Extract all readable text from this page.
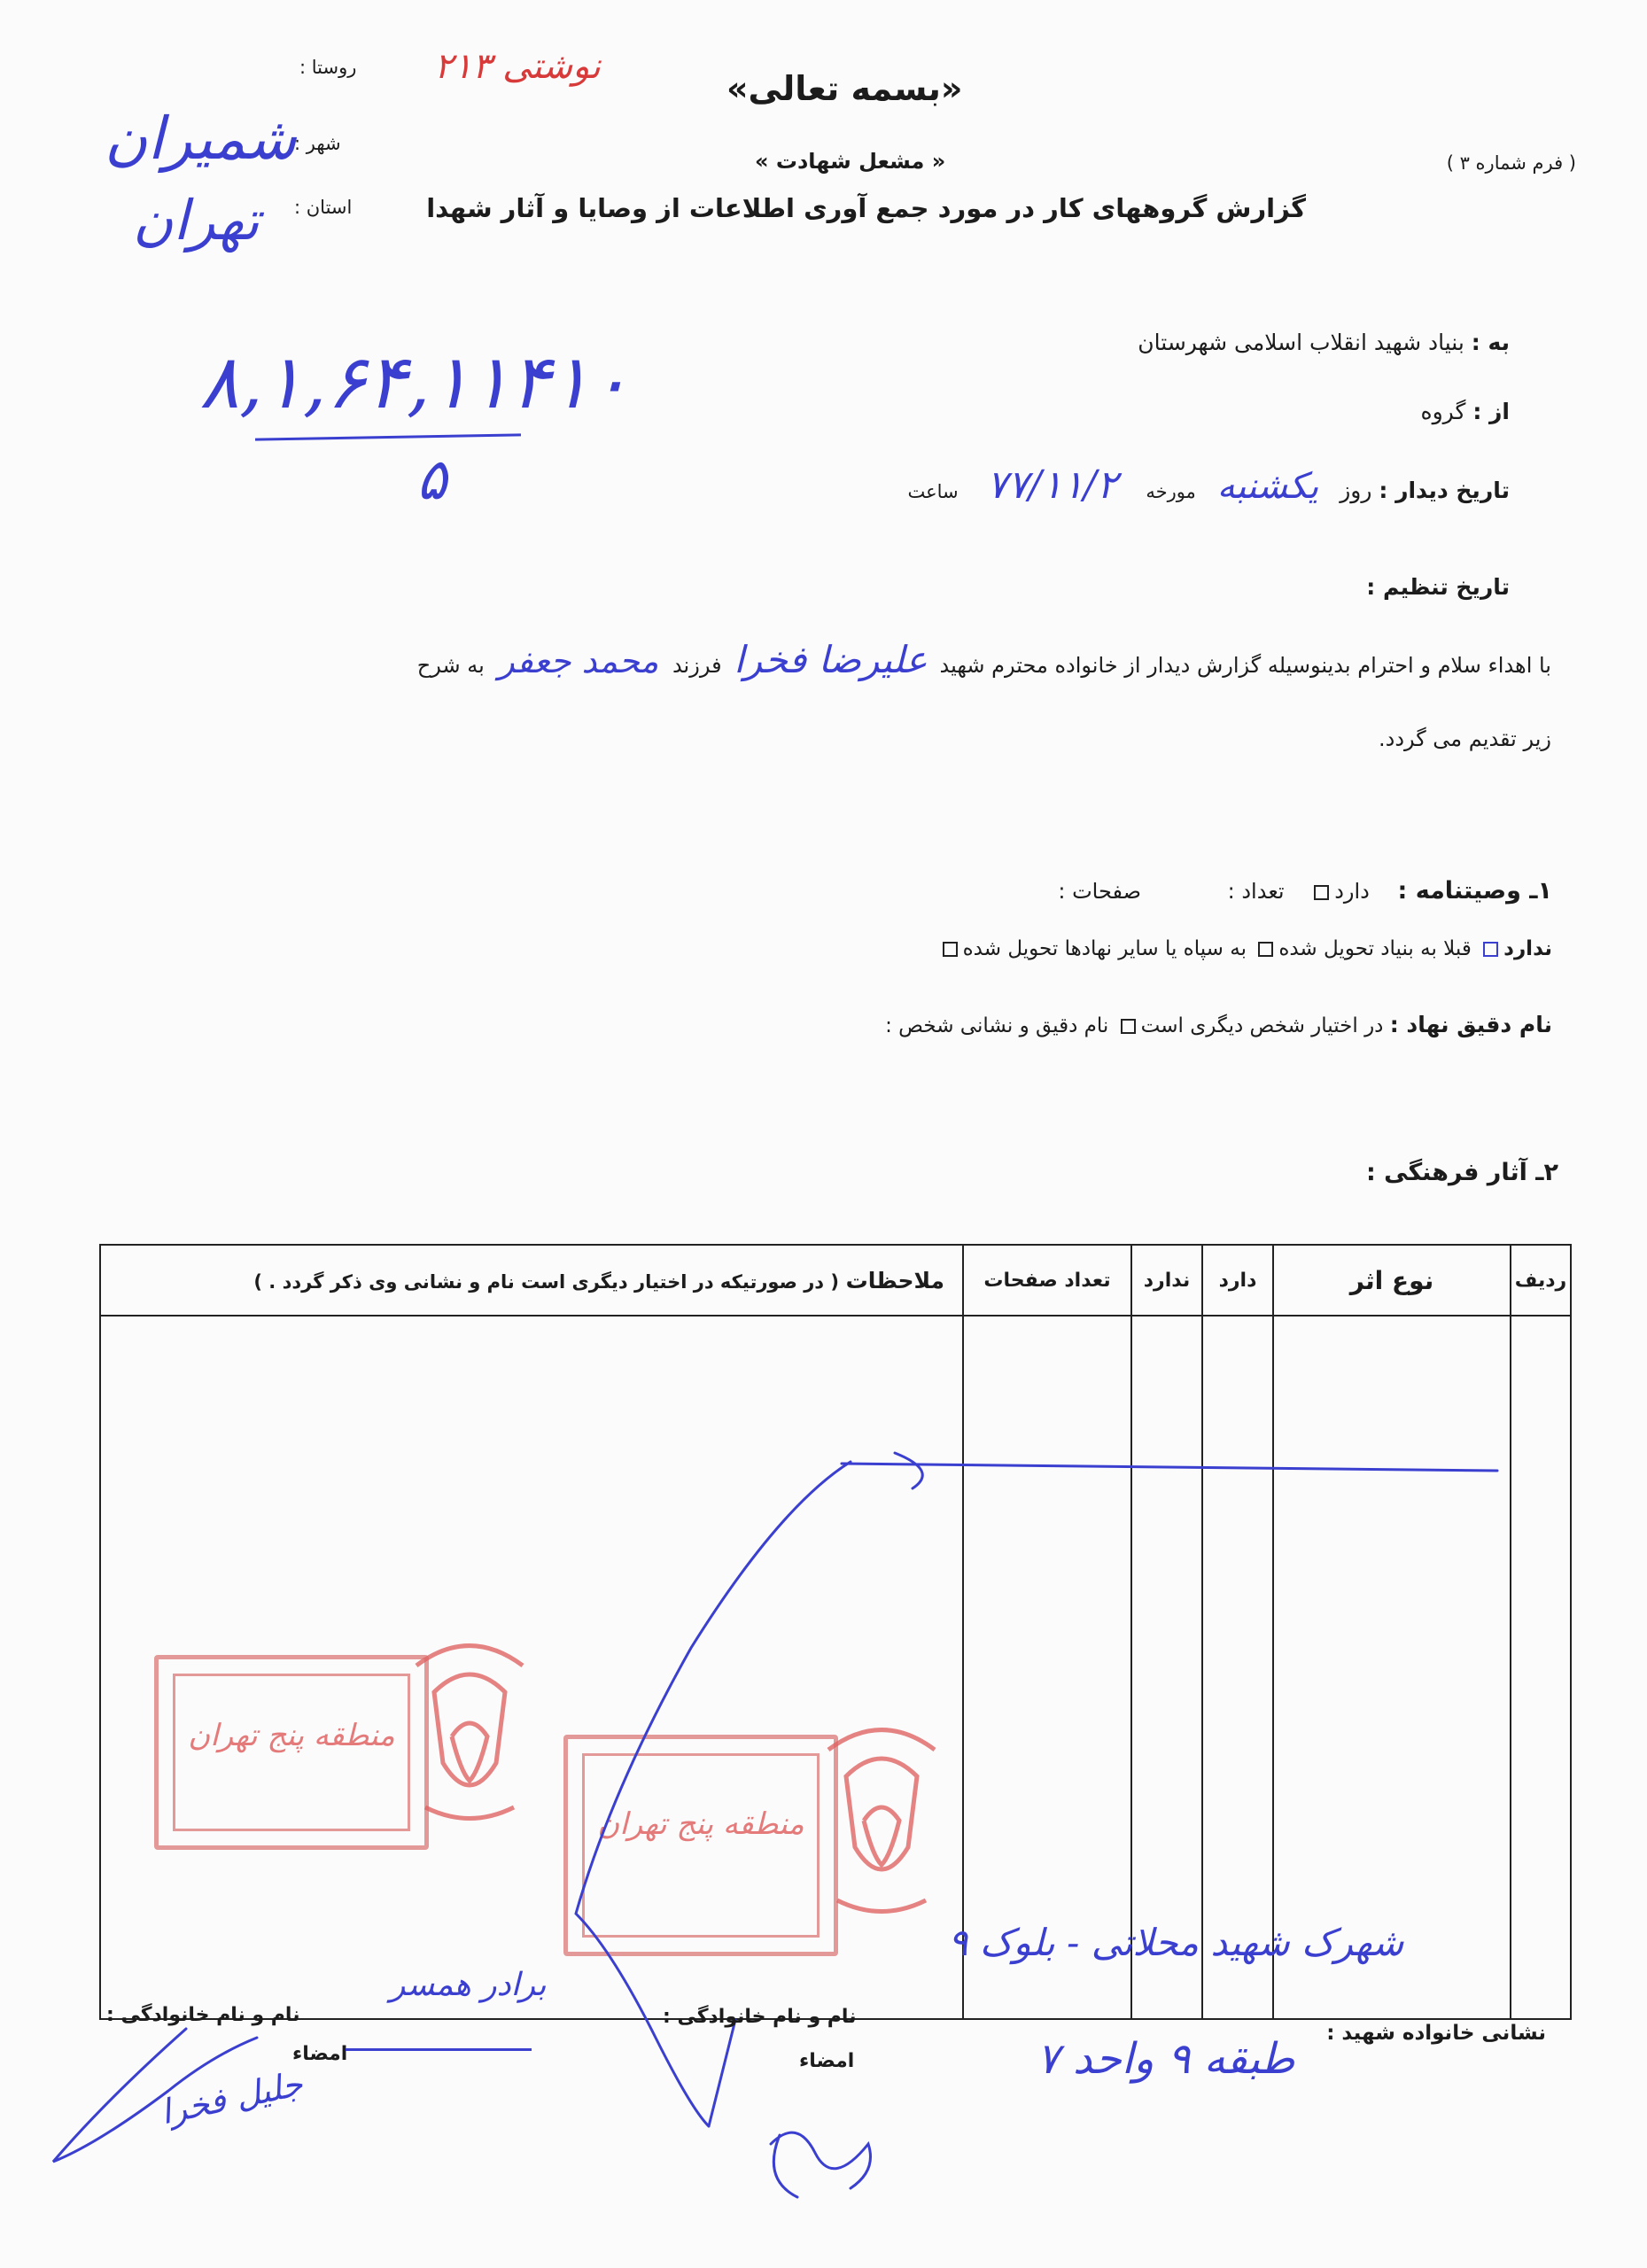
( فرم شماره ۳ )
«بسمه تعالی»
« مشعل شهادت »
گزارش گروههای کار در مورد جمع آوری اطلاعات از وصایا و آثار شهدا
نوشتی ۲۱۳
روستا :
شهر :
شمیران
استان :
تهران
۸,۱,۶۴,۱۱۴۱۰
۵
به : بنیاد شهید انقلاب اسلامی شهرستان
از : گروه
تاریخ دیدار : روز یکشنبه مورخه ۷۷/۱۱/۲ ساعت
تاریخ تنظیم :
با اهداء سلام و احترام بدینوسیله گزارش دیدار از خانواده محترم شهید علیرضا فخرا فرزند محمد جعفر به شرح
زیر تقدیم می گردد.
۱ـ وصیتنامه : دارد تعداد : صفحات :
ندارد قبلا به بنیاد تحویل شده به سپاه یا سایر نهادها تحویل شده
نام دقیق نهاد : در اختیار شخص دیگری است نام دقیق و نشانی شخص :
۲ـ آثار فرهنگی :
ردیف	نوع اثر	دارد	ندارد	تعداد صفحات	ملاحظات ( در صورتیکه در اختیار دیگری است نام و نشانی وی ذکر گردد . )

منطقه پنج تهران
منطقه پنج تهران
نشانی خانواده شهید :
شهرک شهید محلاتی - بلوک ۹
طبقه ۹ واحد ۷
نام و نام خانوادگی :
امضاء
نام و نام خانوادگی :
امضاء
برادر همسر
جلیل فخرا
